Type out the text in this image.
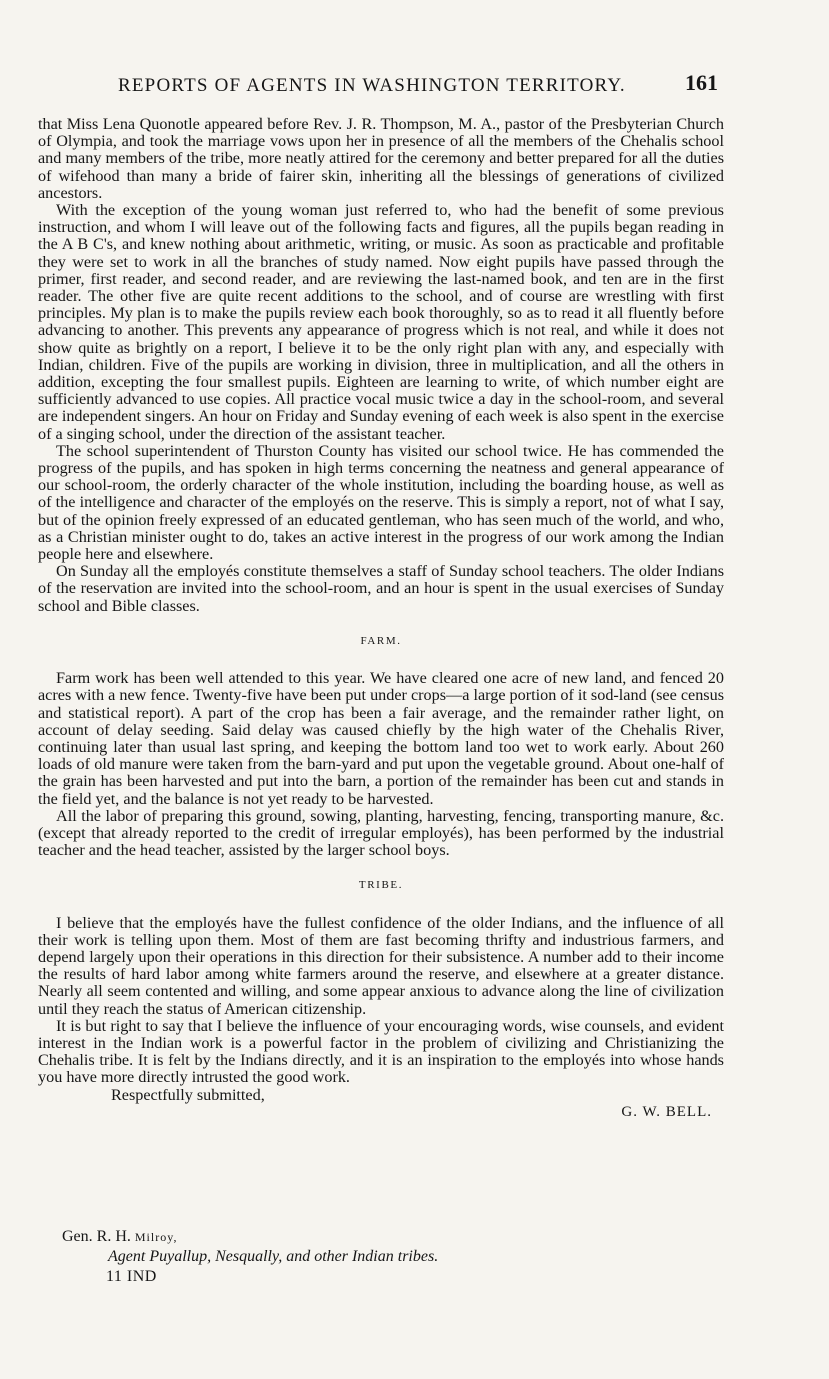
REPORTS OF AGENTS IN WASHINGTON TERRITORY.	161

that Miss Lena Quonotle appeared before Rev. J. R. Thompson, M. A., pastor of the Presbyterian Church of Olympia, and took the marriage vows upon her in presence of all the members of the Chehalis school and many members of the tribe, more neatly attired for the ceremony and better prepared for all the duties of wifehood than many a bride of fairer skin, inheriting all the blessings of generations of civilized ancestors.

With the exception of the young woman just referred to, who had the benefit of some previous instruction, and whom I will leave out of the following facts and figures, all the pupils began reading in the A B C's, and knew nothing about arithmetic, writing, or music. As soon as practicable and profitable they were set to work in all the branches of study named. Now eight pupils have passed through the primer, first reader, and second reader, and are reviewing the last-named book, and ten are in the first reader. The other five are quite recent additions to the school, and of course are wrestling with first principles. My plan is to make the pupils review each book thoroughly, so as to read it all fluently before advancing to another. This prevents any appearance of progress which is not real, and while it does not show quite as brightly on a report, I believe it to be the only right plan with any, and especially with Indian, children. Five of the pupils are working in division, three in multiplication, and all the others in addition, excepting the four smallest pupils. Eighteen are learning to write, of which number eight are sufficiently advanced to use copies. All practice vocal music twice a day in the school-room, and several are independent singers. An hour on Friday and Sunday evening of each week is also spent in the exercise of a singing school, under the direction of the assistant teacher.

The school superintendent of Thurston County has visited our school twice. He has commended the progress of the pupils, and has spoken in high terms concerning the neatness and general appearance of our school-room, the orderly character of the whole institution, including the boarding house, as well as of the intelligence and character of the employés on the reserve. This is simply a report, not of what I say, but of the opinion freely expressed of an educated gentleman, who has seen much of the world, and who, as a Christian minister ought to do, takes an active interest in the progress of our work among the Indian people here and elsewhere.

On Sunday all the employés constitute themselves a staff of Sunday school teachers. The older Indians of the reservation are invited into the school-room, and an hour is spent in the usual exercises of Sunday school and Bible classes.

FARM.

Farm work has been well attended to this year. We have cleared one acre of new land, and fenced 20 acres with a new fence. Twenty-five have been put under crops—a large portion of it sod-land (see census and statistical report). A part of the crop has been a fair average, and the remainder rather light, on account of delay seeding. Said delay was caused chiefly by the high water of the Chehalis River, continuing later than usual last spring, and keeping the bottom land too wet to work early. About 260 loads of old manure were taken from the barn-yard and put upon the vegetable ground. About one-half of the grain has been harvested and put into the barn, a portion of the remainder has been cut and stands in the field yet, and the balance is not yet ready to be harvested.

All the labor of preparing this ground, sowing, planting, harvesting, fencing, transporting manure, &c. (except that already reported to the credit of irregular employés), has been performed by the industrial teacher and the head teacher, assisted by the larger school boys.

TRIBE.

I believe that the employés have the fullest confidence of the older Indians, and the influence of all their work is telling upon them. Most of them are fast becoming thrifty and industrious farmers, and depend largely upon their operations in this direction for their subsistence. A number add to their income the results of hard labor among white farmers around the reserve, and elsewhere at a greater distance. Nearly all seem contented and willing, and some appear anxious to advance along the line of civilization until they reach the status of American citizenship.

It is but right to say that I believe the influence of your encouraging words, wise counsels, and evident interest in the Indian work is a powerful factor in the problem of civilizing and Christianizing the Chehalis tribe. It is felt by the Indians directly, and it is an inspiration to the employés into whose hands you have more directly intrusted the good work.

Respectfully submitted,

G. W. BELL.

Gen. R. H. Milroy,
Agent Puyallup, Nesqually, and other Indian tribes.
11 IND
